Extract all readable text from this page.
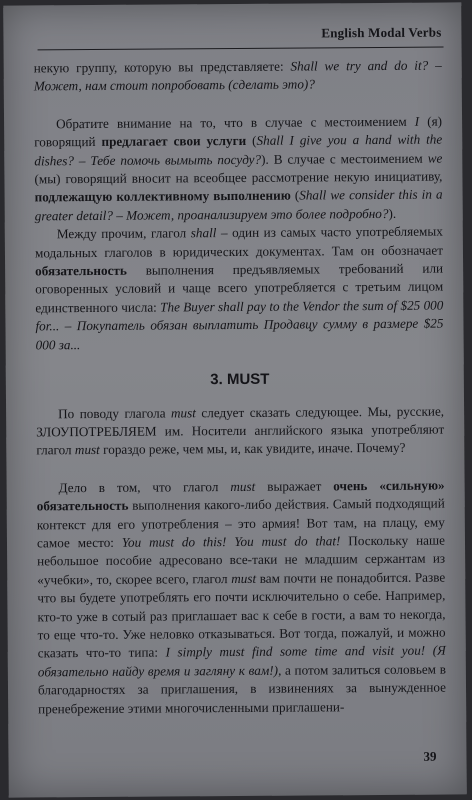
English Modal Verbs

некую группу, которую вы представляете: Shall we try and do it? – Может, нам стоит попробовать (сделать это)?

Обратите внимание на то, что в случае с местоимением I (я) говорящий предлагает свои услуги (Shall I give you a hand with the dishes? – Тебе помочь вымыть посуду?). В случае с местоимением we (мы) говорящий вносит на всеобщее рассмотрение некую инициативу, подлежащую коллективному выполнению (Shall we consider this in a greater detail? – Может, проанализируем это более подробно?).

Между прочим, глагол shall – один из самых часто употребляемых модальных глаголов в юридических документах. Там он обозначает обязательность выполнения предъявляемых требований или оговоренных условий и чаще всего употребляется с третьим лицом единственного числа: The Buyer shall pay to the Vendor the sum of $25 000 for... – Покупатель обязан выплатить Продавцу сумму в размере $25 000 за...

3. MUST

По поводу глагола must следует сказать следующее. Мы, русские, ЗЛОУПОТРЕБЛЯЕМ им. Носители английского языка употребляют глагол must гораздо реже, чем мы, и, как увидите, иначе. Почему?

Дело в том, что глагол must выражает очень «сильную» обязательность выполнения какого-либо действия. Самый подходящий контекст для его употребления – это армия! Вот там, на плацу, ему самое место: You must do this! You must do that! Поскольку наше небольшое пособие адресовано все-таки не младшим сержантам из «учебки», то, скорее всего, глагол must вам почти не понадобится. Разве что вы будете употреблять его почти исключительно о себе. Например, кто-то уже в сотый раз приглашает вас к себе в гости, а вам то некогда, то еще что-то. Уже неловко отказываться. Вот тогда, пожалуй, и можно сказать что-то типа: I simply must find some time and visit you! (Я обязательно найду время и загляну к вам!), а потом залиться соловьем в благодарностях за приглашения, в извинениях за вынужденное пренебрежение этими многочисленными приглашени-

39
